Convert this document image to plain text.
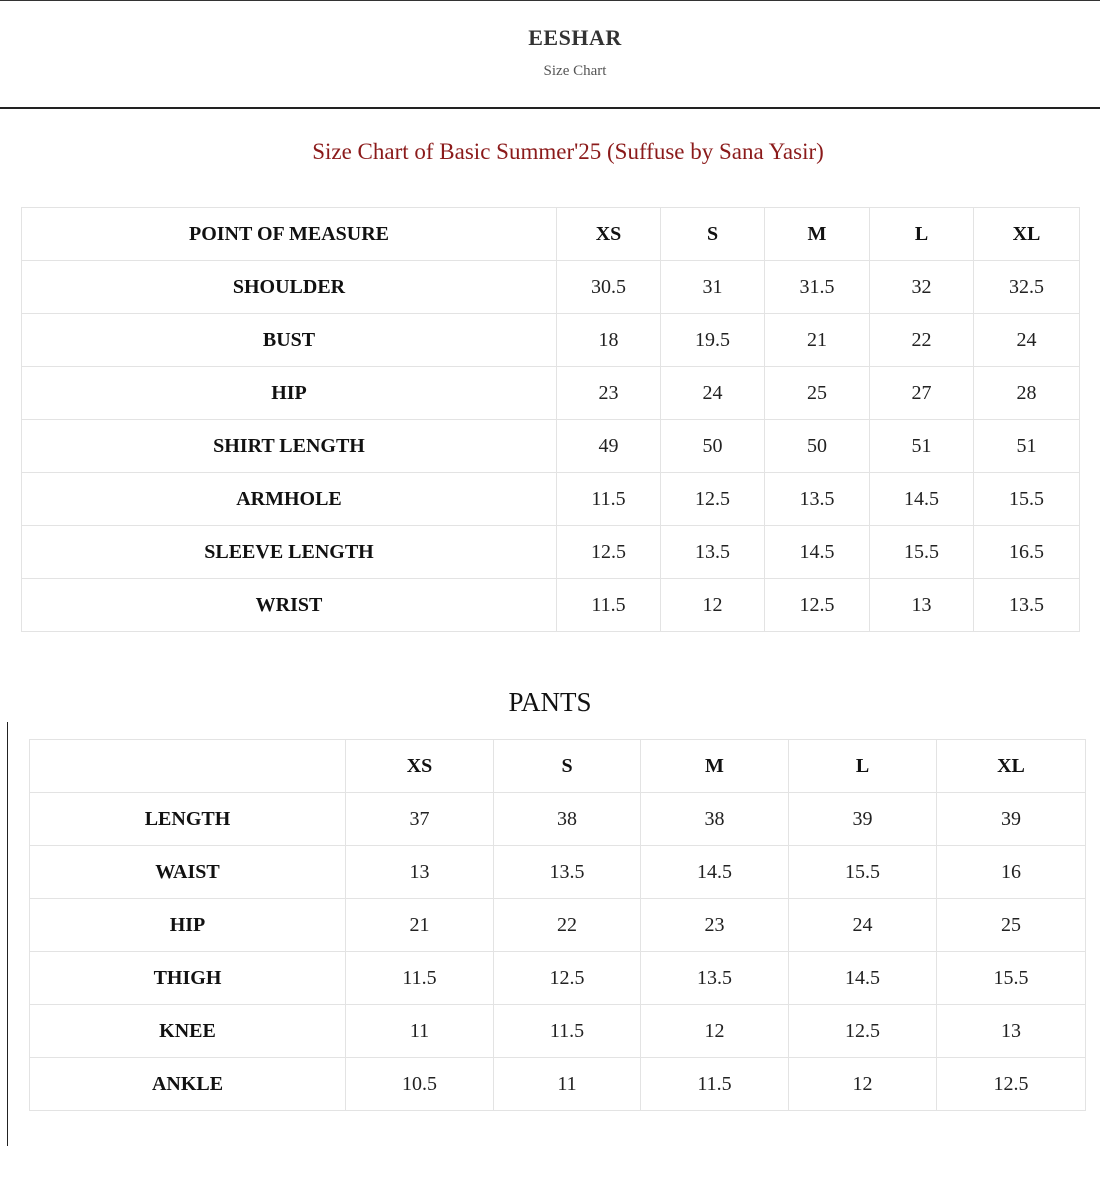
EESHAR
Size Chart
Size Chart of Basic Summer'25 (Suffuse by Sana Yasir)
POINT OF MEASURE	XS	S	M	L	XL
SHOULDER	30.5	31	31.5	32	32.5
BUST	18	19.5	21	22	24
HIP	23	24	25	27	28
SHIRT LENGTH	49	50	50	51	51
ARMHOLE	11.5	12.5	13.5	14.5	15.5
SLEEVE LENGTH	12.5	13.5	14.5	15.5	16.5
WRIST	11.5	12	12.5	13	13.5
PANTS
	XS	S	M	L	XL
LENGTH	37	38	38	39	39
WAIST	13	13.5	14.5	15.5	16
HIP	21	22	23	24	25
THIGH	11.5	12.5	13.5	14.5	15.5
KNEE	11	11.5	12	12.5	13
ANKLE	10.5	11	11.5	12	12.5
